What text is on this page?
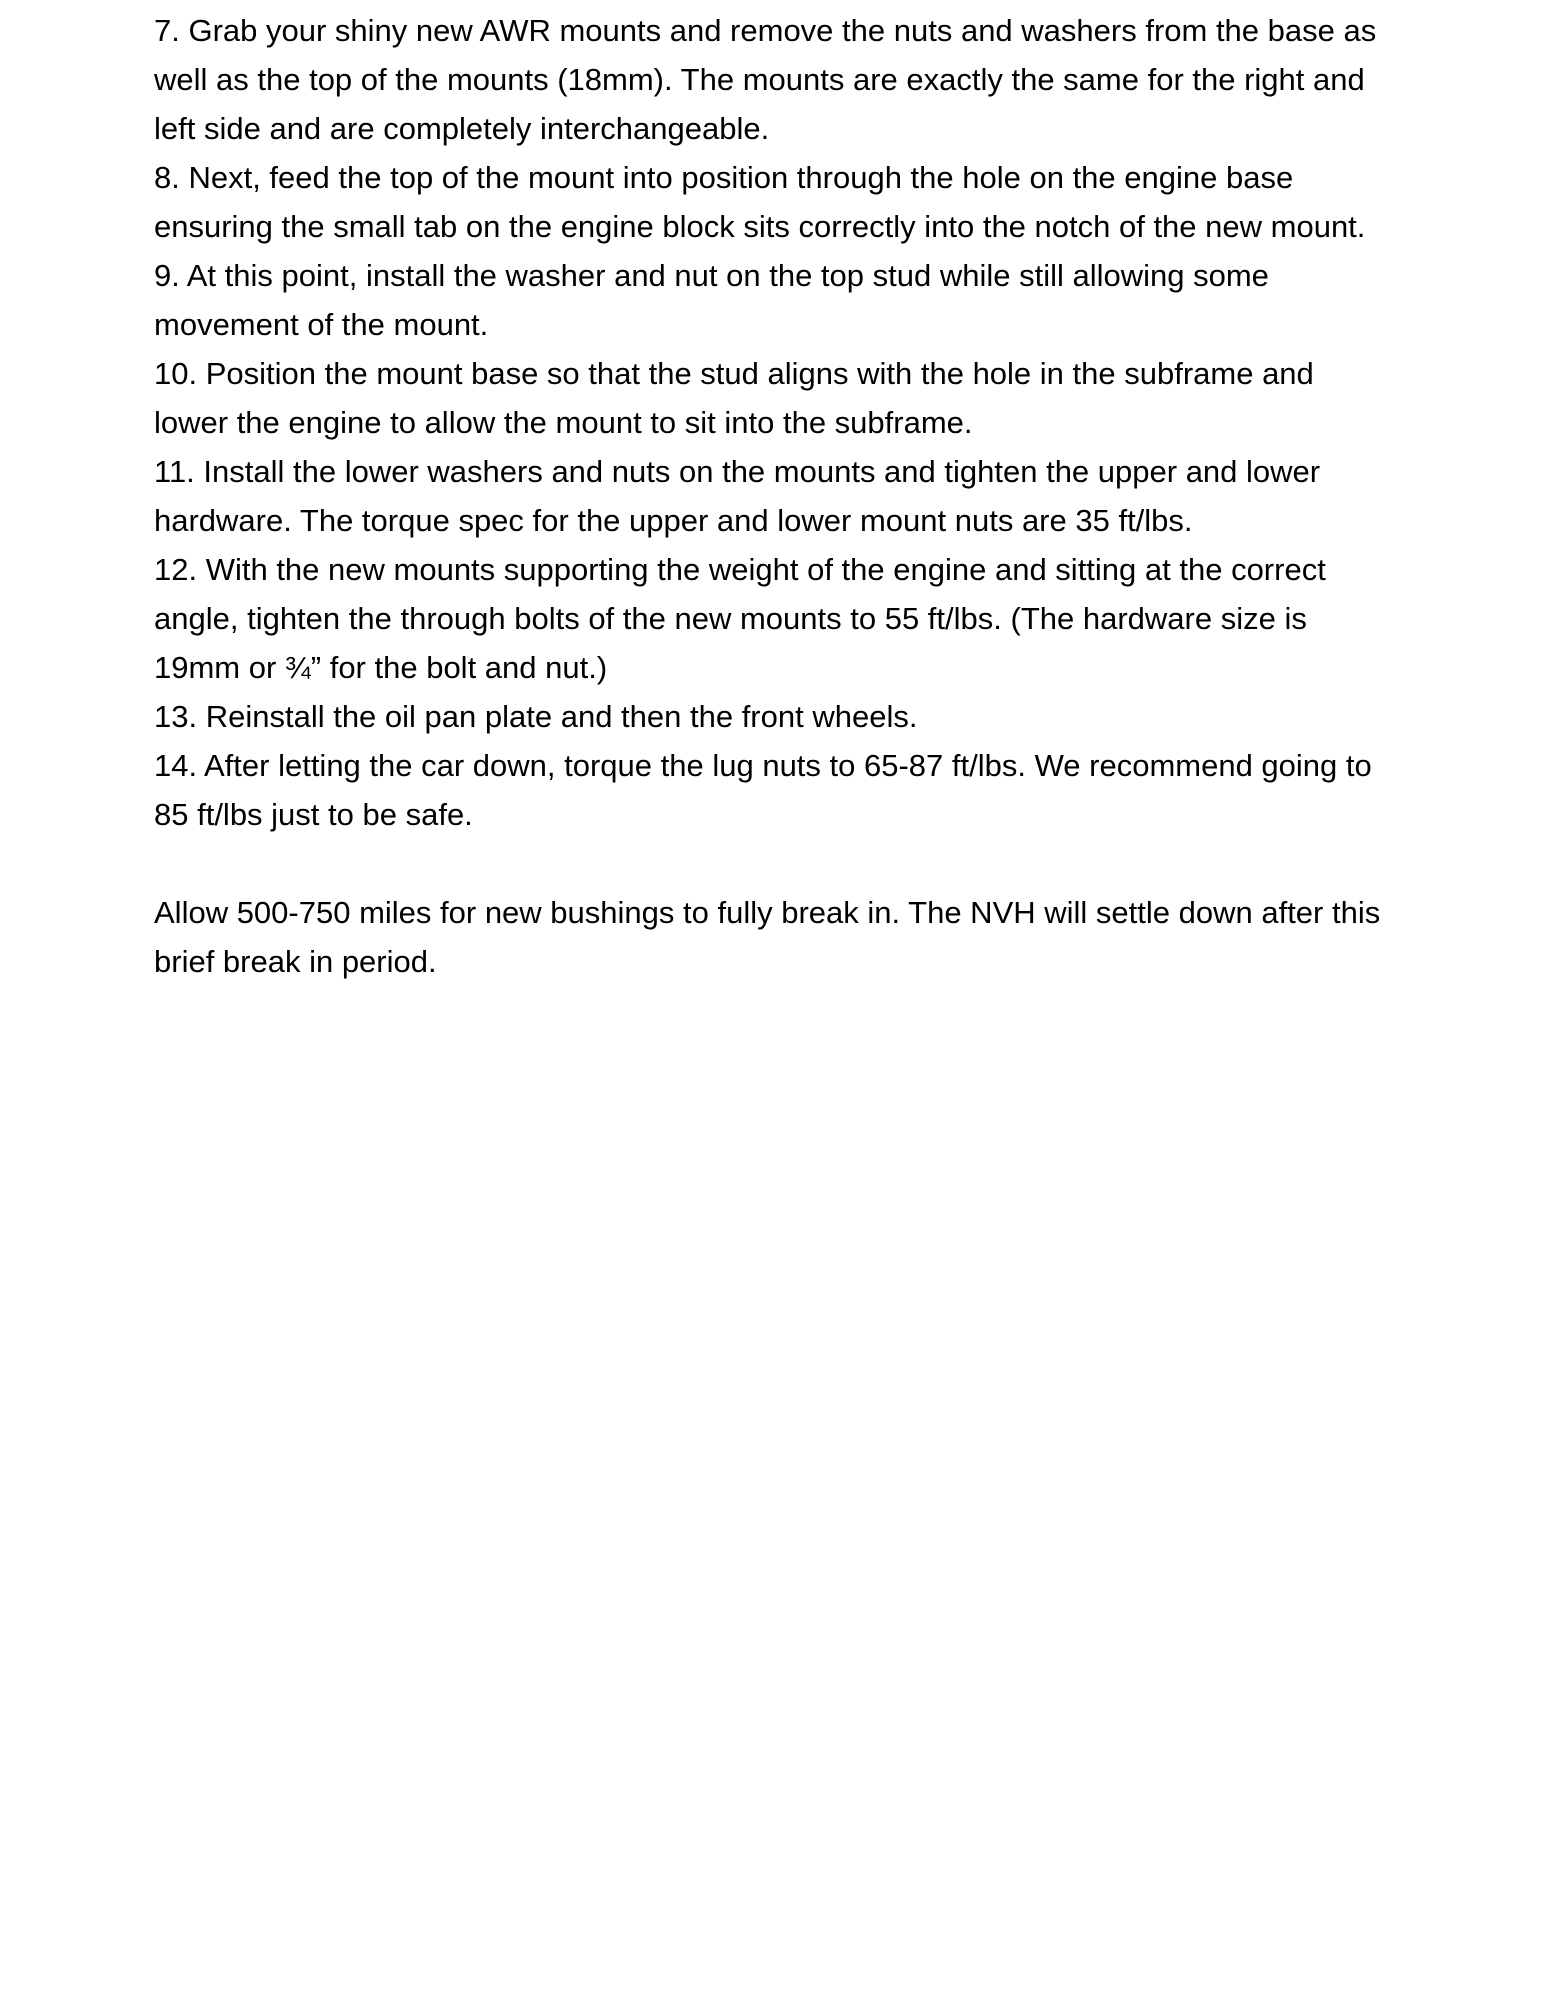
7. Grab your shiny new AWR mounts and remove the nuts and washers from the base as well as the top of the mounts (18mm). The mounts are exactly the same for the right and left side and are completely interchangeable.

8. Next, feed the top of the mount into position through the hole on the engine base ensuring the small tab on the engine block sits correctly into the notch of the new mount.

9. At this point, install the washer and nut on the top stud while still allowing some movement of the mount.

10. Position the mount base so that the stud aligns with the hole in the subframe and lower the engine to allow the mount to sit into the subframe.

11. Install the lower washers and nuts on the mounts and tighten the upper and lower hardware. The torque spec for the upper and lower mount nuts are 35 ft/lbs.

12. With the new mounts supporting the weight of the engine and sitting at the correct angle, tighten the through bolts of the new mounts to 55 ft/lbs. (The hardware size is 19mm or ¾” for the bolt and nut.)

13. Reinstall the oil pan plate and then the front wheels.

14. After letting the car down, torque the lug nuts to 65-87 ft/lbs. We recommend going to 85 ft/lbs just to be safe.

Allow 500-750 miles for new bushings to fully break in. The NVH will settle down after this brief break in period.
